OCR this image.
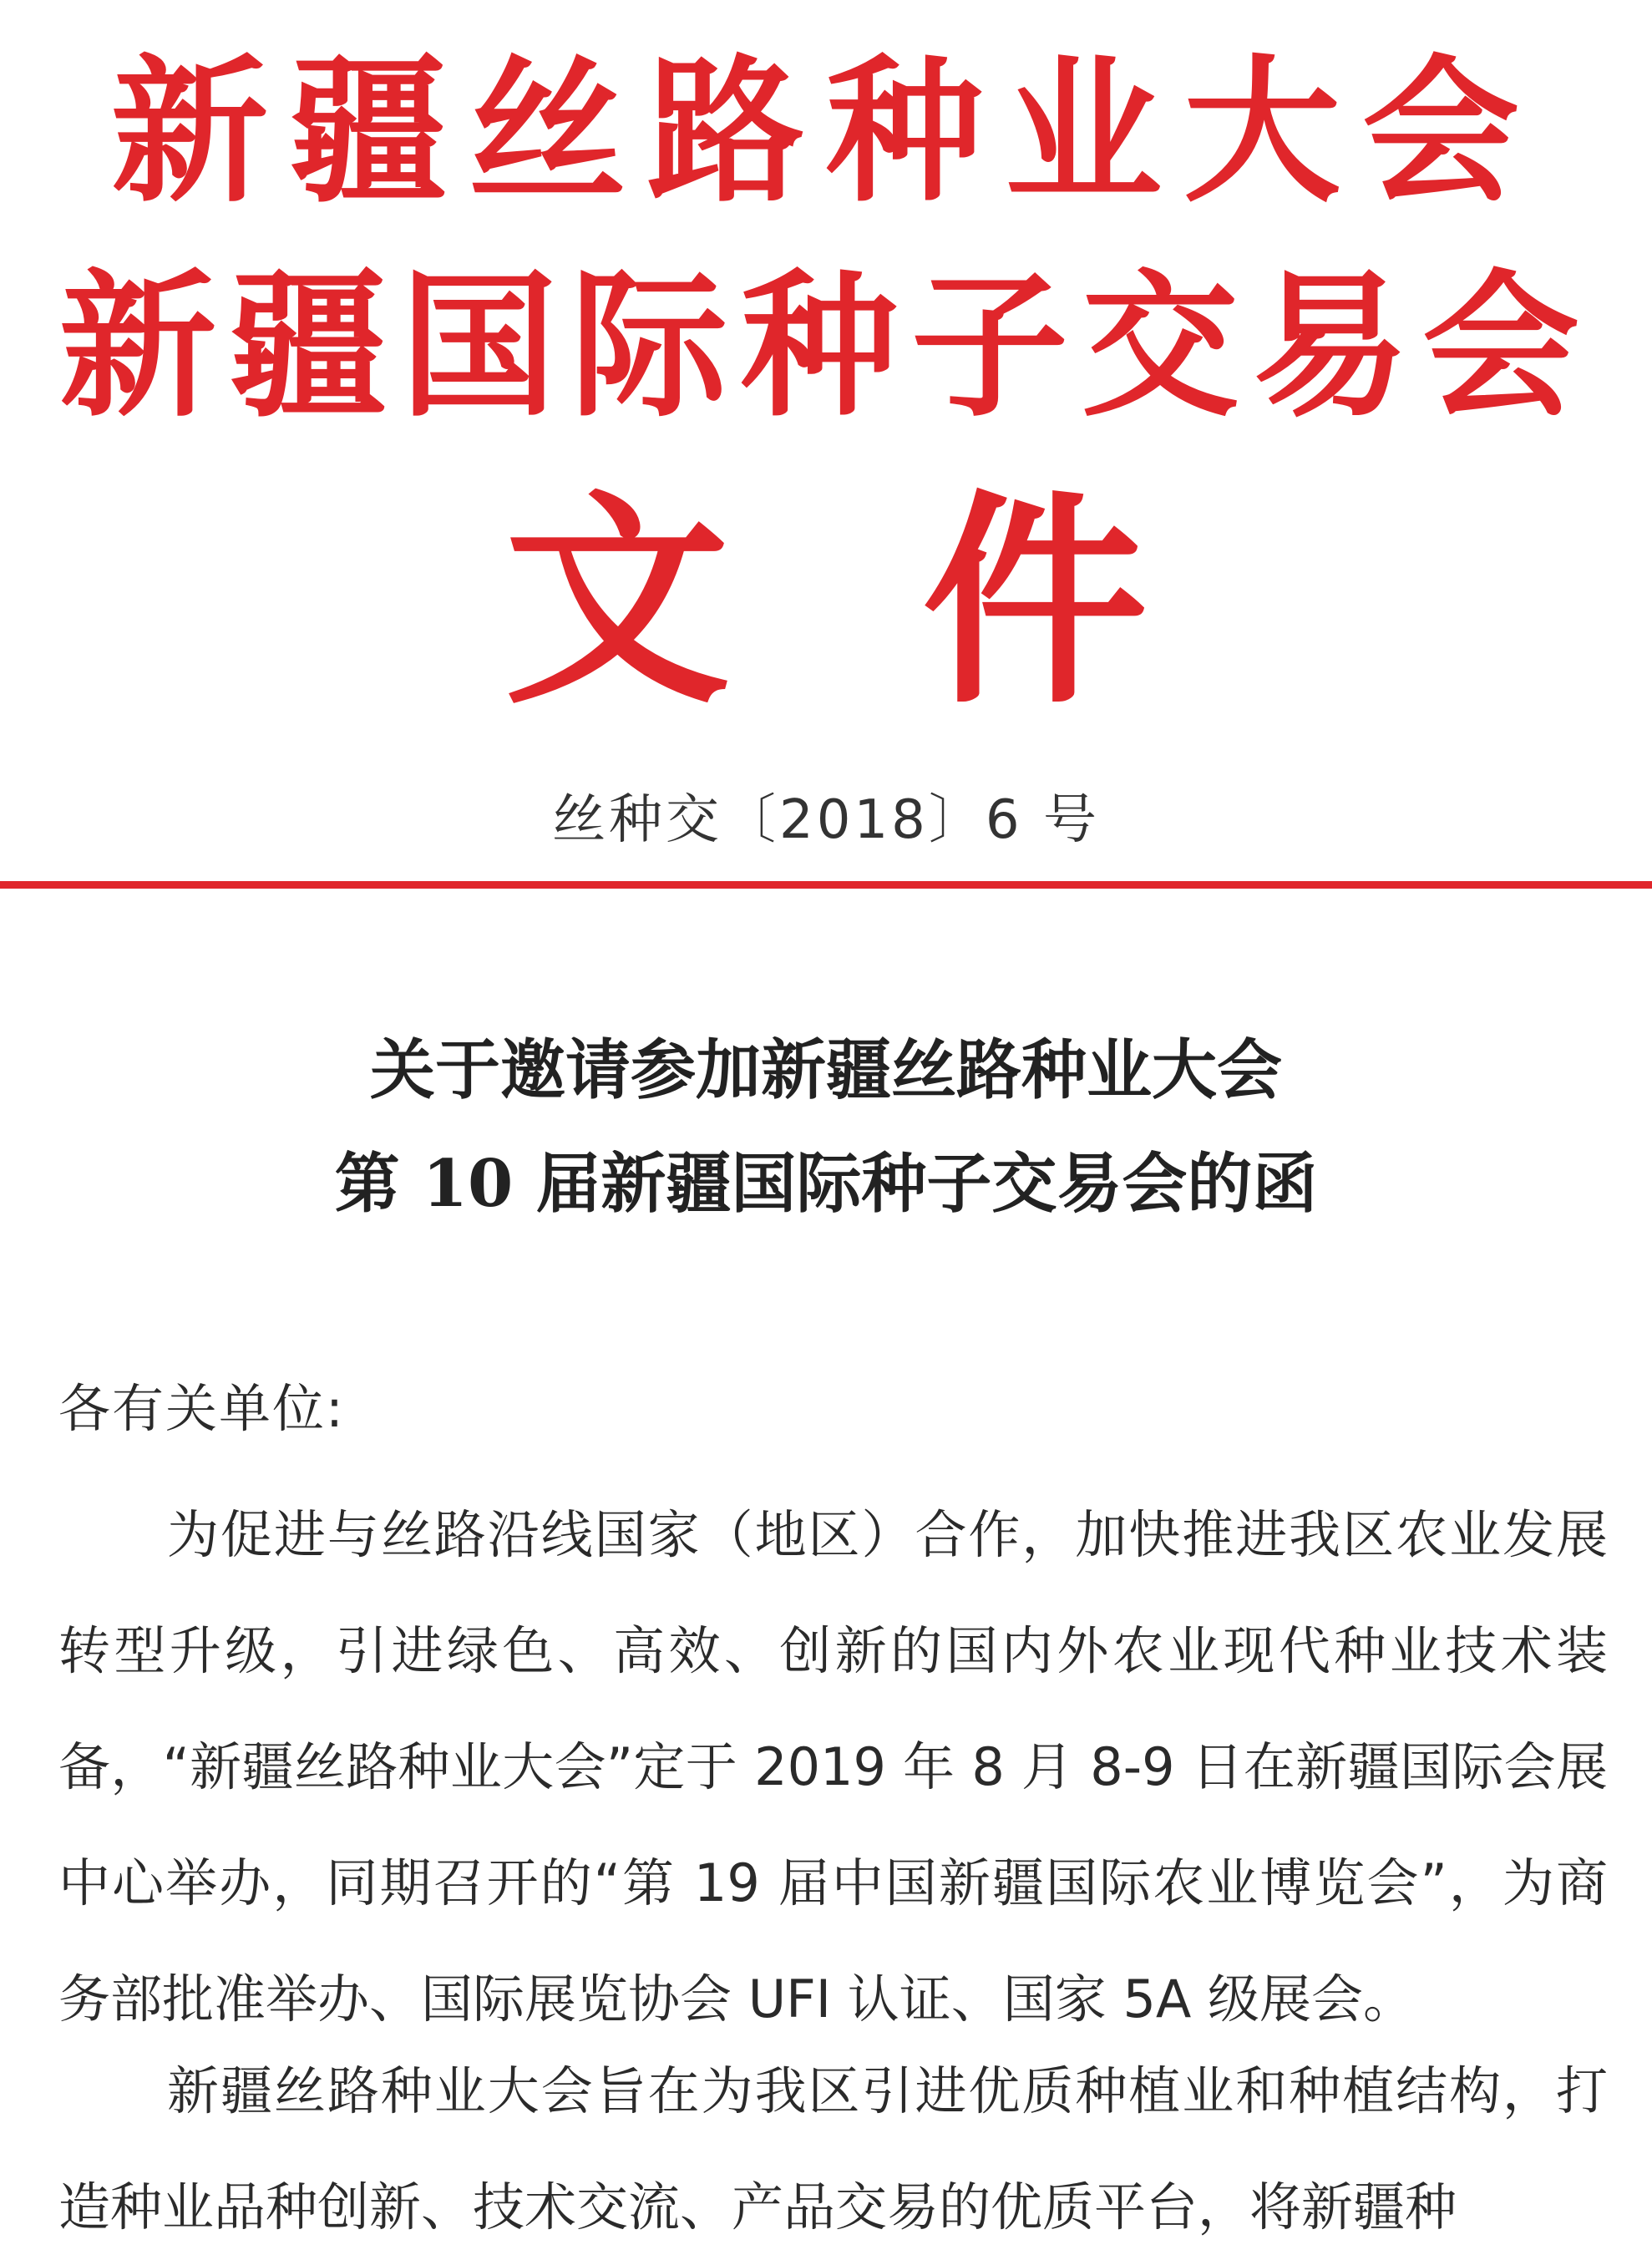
新疆丝路种业大会
新疆国际种子交易会
文 件
丝种交〔2018〕6 号
关于邀请参加新疆丝路种业大会
第 10 届新疆国际种子交易会的函
各有关单位:
为促进与丝路沿线国家（地区）合作，加快推进我区农业发展转型升级，引进绿色、高效、创新的国内外农业现代种业技术装备，“新疆丝路种业大会”定于 2019 年 8 月 8-9 日在新疆国际会展中心举办，同期召开的“第 19 届中国新疆国际农业博览会”，为商务部批准举办、国际展览协会 UFI 认证、国家 5A 级展会。
新疆丝路种业大会旨在为我区引进优质种植业和种植结构，打造种业品种创新、技术交流、产品交易的优质平台，将新疆种
